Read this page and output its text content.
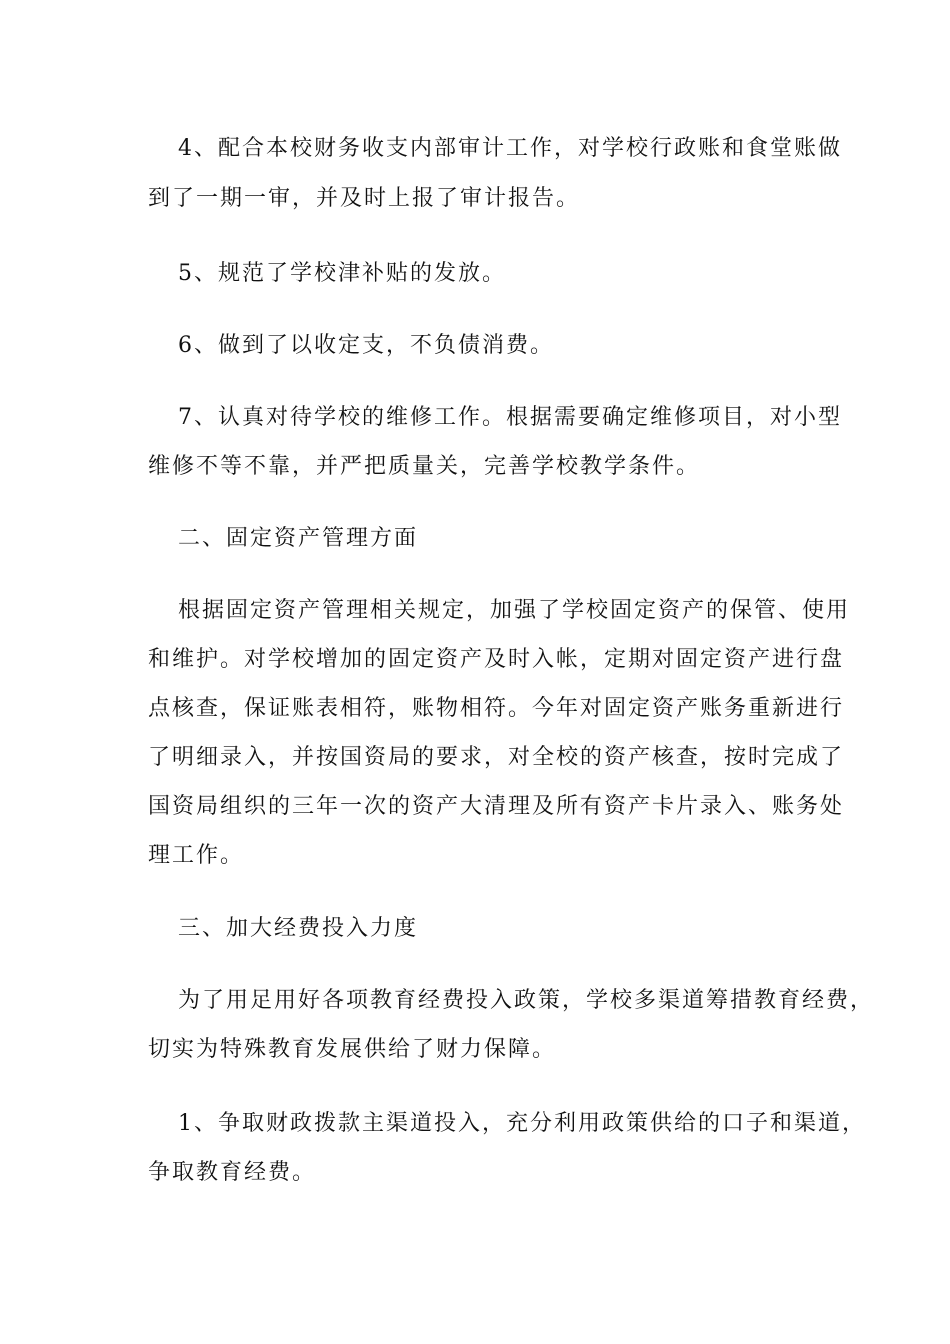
4、配合本校财务收支内部审计工作，对学校行政账和食堂账做
到了一期一审，并及时上报了审计报告。
5、规范了学校津补贴的发放。
6、做到了以收定支，不负债消费。
7、认真对待学校的维修工作。根据需要确定维修项目，对小型
维修不等不靠，并严把质量关，完善学校教学条件。
二、固定资产管理方面
根据固定资产管理相关规定，加强了学校固定资产的保管、使用
和维护。对学校增加的固定资产及时入帐，定期对固定资产进行盘
点核查，保证账表相符，账物相符。今年对固定资产账务重新进行
了明细录入，并按国资局的要求，对全校的资产核查，按时完成了
国资局组织的三年一次的资产大清理及所有资产卡片录入、账务处
理工作。
三、加大经费投入力度
为了用足用好各项教育经费投入政策，学校多渠道筹措教育经费，
切实为特殊教育发展供给了财力保障。
1、争取财政拨款主渠道投入，充分利用政策供给的口子和渠道，
争取教育经费。
